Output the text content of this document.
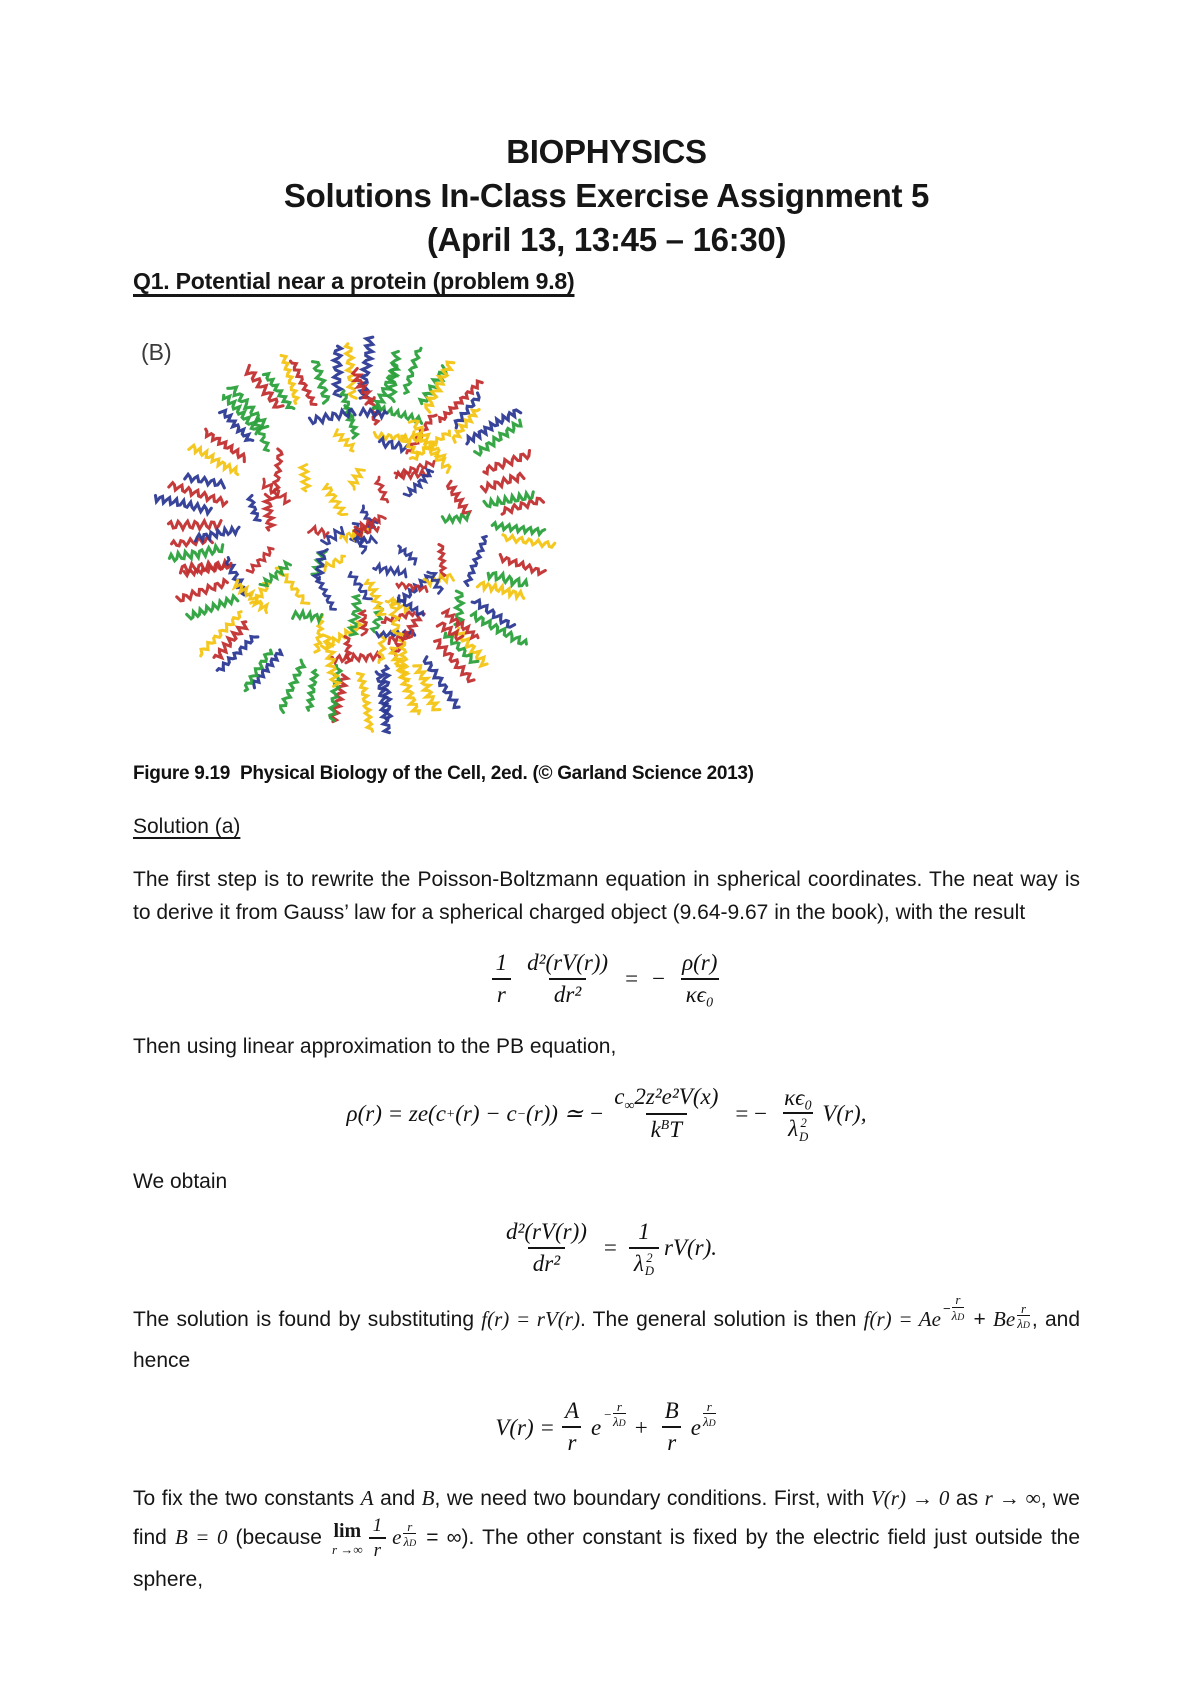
BIOPHYSICS
Solutions In-Class Exercise Assignment 5
(April 13, 13:45 – 16:30)
Q1. Potential near a protein (problem 9.8)
(B)
Figure 9.19  Physical Biology of the Cell, 2ed. (© Garland Science 2013)
Solution (a)

The first step is to rewrite the Poisson-Boltzmann equation in spherical coordinates. The neat way is to derive it from Gauss’ law for a spherical charged object (9.64-9.67 in the book), with the result

$\frac{1}{r} \frac{\text{d²(rV(r))}}{\text{dr²}}$ = − $\frac{\rho(r)}{\text{κϵ₀}}$

Then using linear approximation to the PB equation,

ρ(r) = ze(c + (r) − c − (r)) ≃ − $\frac{c_\infty 2z^2e^2V(x)}{k^B T}$ = − κϵ₀
λ 2
D V(r),

We obtain

$\frac{\text{d²(rV(r))}}{\text{dr²}} = 1$
λ 2
D rV(r).

The solution is found by substituting f(r) = rV(r). The general solution is then $f(r) = Ae - \frac{r}{\lambda D} + Be \frac{r}{\lambda D}$ , and hence

$V(r) = \frac{A}{r}$ $e - \frac{r}{\lambda D} + \frac{B}{r}$ e $\frac{r}{\lambda D}$

To fix the two constants A and B, we need two boundary conditions. First, with V(r) → 0 as r → ∞, we find B = 0 (because lim
r →∞ $\frac{1}{r}$ e $\frac{r}{\lambda D}$ = ∞). The other constant is fixed by the electric field just outside the sphere,
